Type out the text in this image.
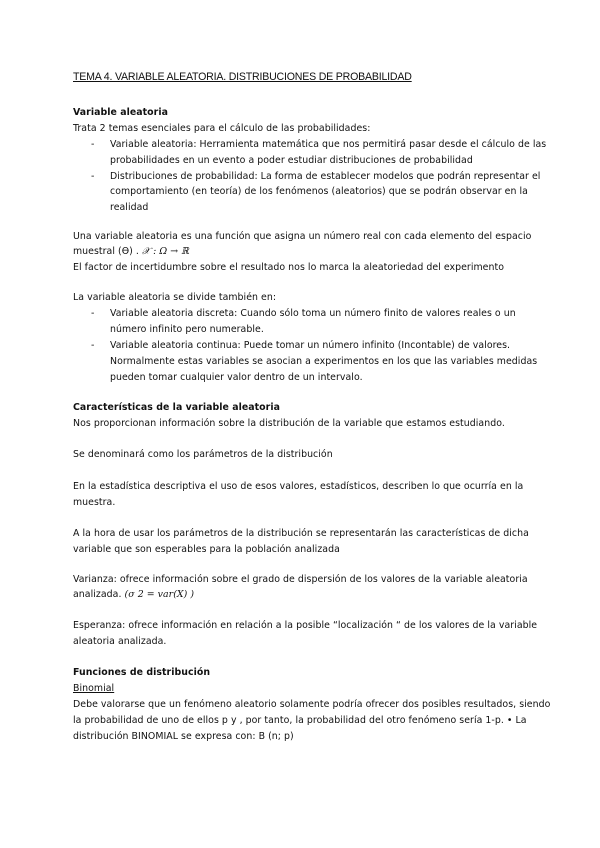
TEMA 4. VARIABLE ALEATORIA. DISTRIBUCIONES DE PROBABILIDAD
Variable aleatoria
Trata 2 temas esenciales para el cálculo de las probabilidades:
- Variable aleatoria: Herramienta matemática que nos permitirá pasar desde el cálculo de las
probabilidades en un evento a poder estudiar distribuciones de probabilidad
- Distribuciones de probabilidad: La forma de establecer modelos que podrán representar el
comportamiento (en teoría) de los fenómenos (aleatorios) que se podrán observar en la
realidad
Una variable aleatoria es una función que asigna un número real con cada elemento del espacio
muestral (Ɵ) . 𝒳 : Ω → ℝ
El factor de incertidumbre sobre el resultado nos lo marca la aleatoriedad del experimento
La variable aleatoria se divide también en:
- Variable aleatoria discreta: Cuando sólo toma un número finito de valores reales o un
número infinito pero numerable.
- Variable aleatoria continua: Puede tomar un número infinito (Incontable) de valores.
Normalmente estas variables se asocian a experimentos en los que las variables medidas
pueden tomar cualquier valor dentro de un intervalo.
Características de la variable aleatoria
Nos proporcionan información sobre la distribución de la variable que estamos estudiando.
Se denominará como los parámetros de la distribución
En la estadística descriptiva el uso de esos valores, estadísticos, describen lo que ocurría en la
muestra.
A la hora de usar los parámetros de la distribución se representarán las características de dicha
variable que son esperables para la población analizada
Varianza: ofrece información sobre el grado de dispersión de los valores de la variable aleatoria
analizada. (σ 2 = var(X) )
Esperanza: ofrece información en relación a la posible “localización “ de los valores de la variable
aleatoria analizada.
Funciones de distribución
Binomial
Debe valorarse que un fenómeno aleatorio solamente podría ofrecer dos posibles resultados, siendo
la probabilidad de uno de ellos p y , por tanto, la probabilidad del otro fenómeno sería 1-p. • La
distribución BINOMIAL se expresa con: B (n; p)
